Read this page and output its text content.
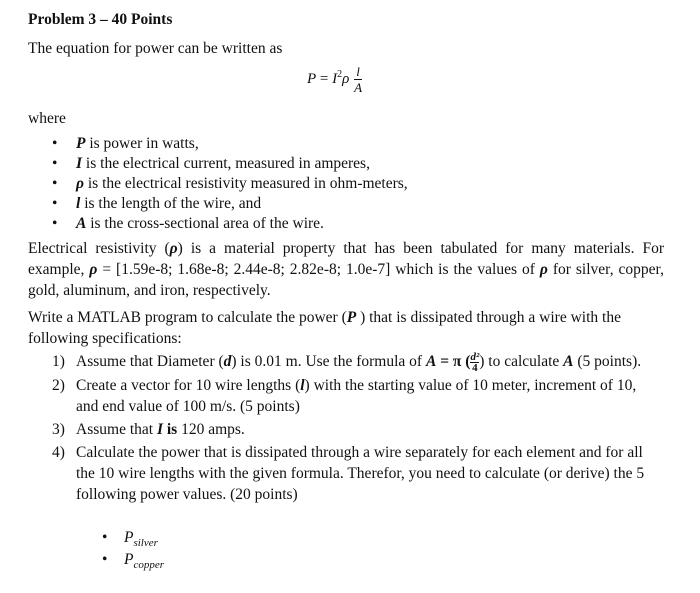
Problem 3 – 40 Points
The equation for power can be written as
$P = I^2\rho \frac{l}{A}$
where
• P is power in watts,
• I is the electrical current, measured in amperes,
• ρ is the electrical resistivity measured in ohm-meters,
• l is the length of the wire, and
• A is the cross-sectional area of the wire.
Electrical resistivity (ρ) is a material property that has been tabulated for many materials. For example, ρ = [1.59e-8; 1.68e-8; 2.44e-8; 2.82e-8; 1.0e-7] which is the values of ρ for silver, copper, gold, aluminum, and iron, respectively.
Write a MATLAB program to calculate the power (P ) that is dissipated through a wire with the following specifications:
1) Assume that Diameter (d) is 0.01 m. Use the formula of A = π ( $\frac{\text{d²}}{4}$ ) to calculate A (5 points).
2) Create a vector for 10 wire lengths (l) with the starting value of 10 meter, increment of 10, and end value of 100 m/s. (5 points)
3) Assume that I is 120 amps.
4) Calculate the power that is dissipated through a wire separately for each element and for all the 10 wire lengths with the given formula. Therefor, you need to calculate (or derive) the 5 following power values. (20 points)
• $P_{silver}$
• $P_{copper}$
